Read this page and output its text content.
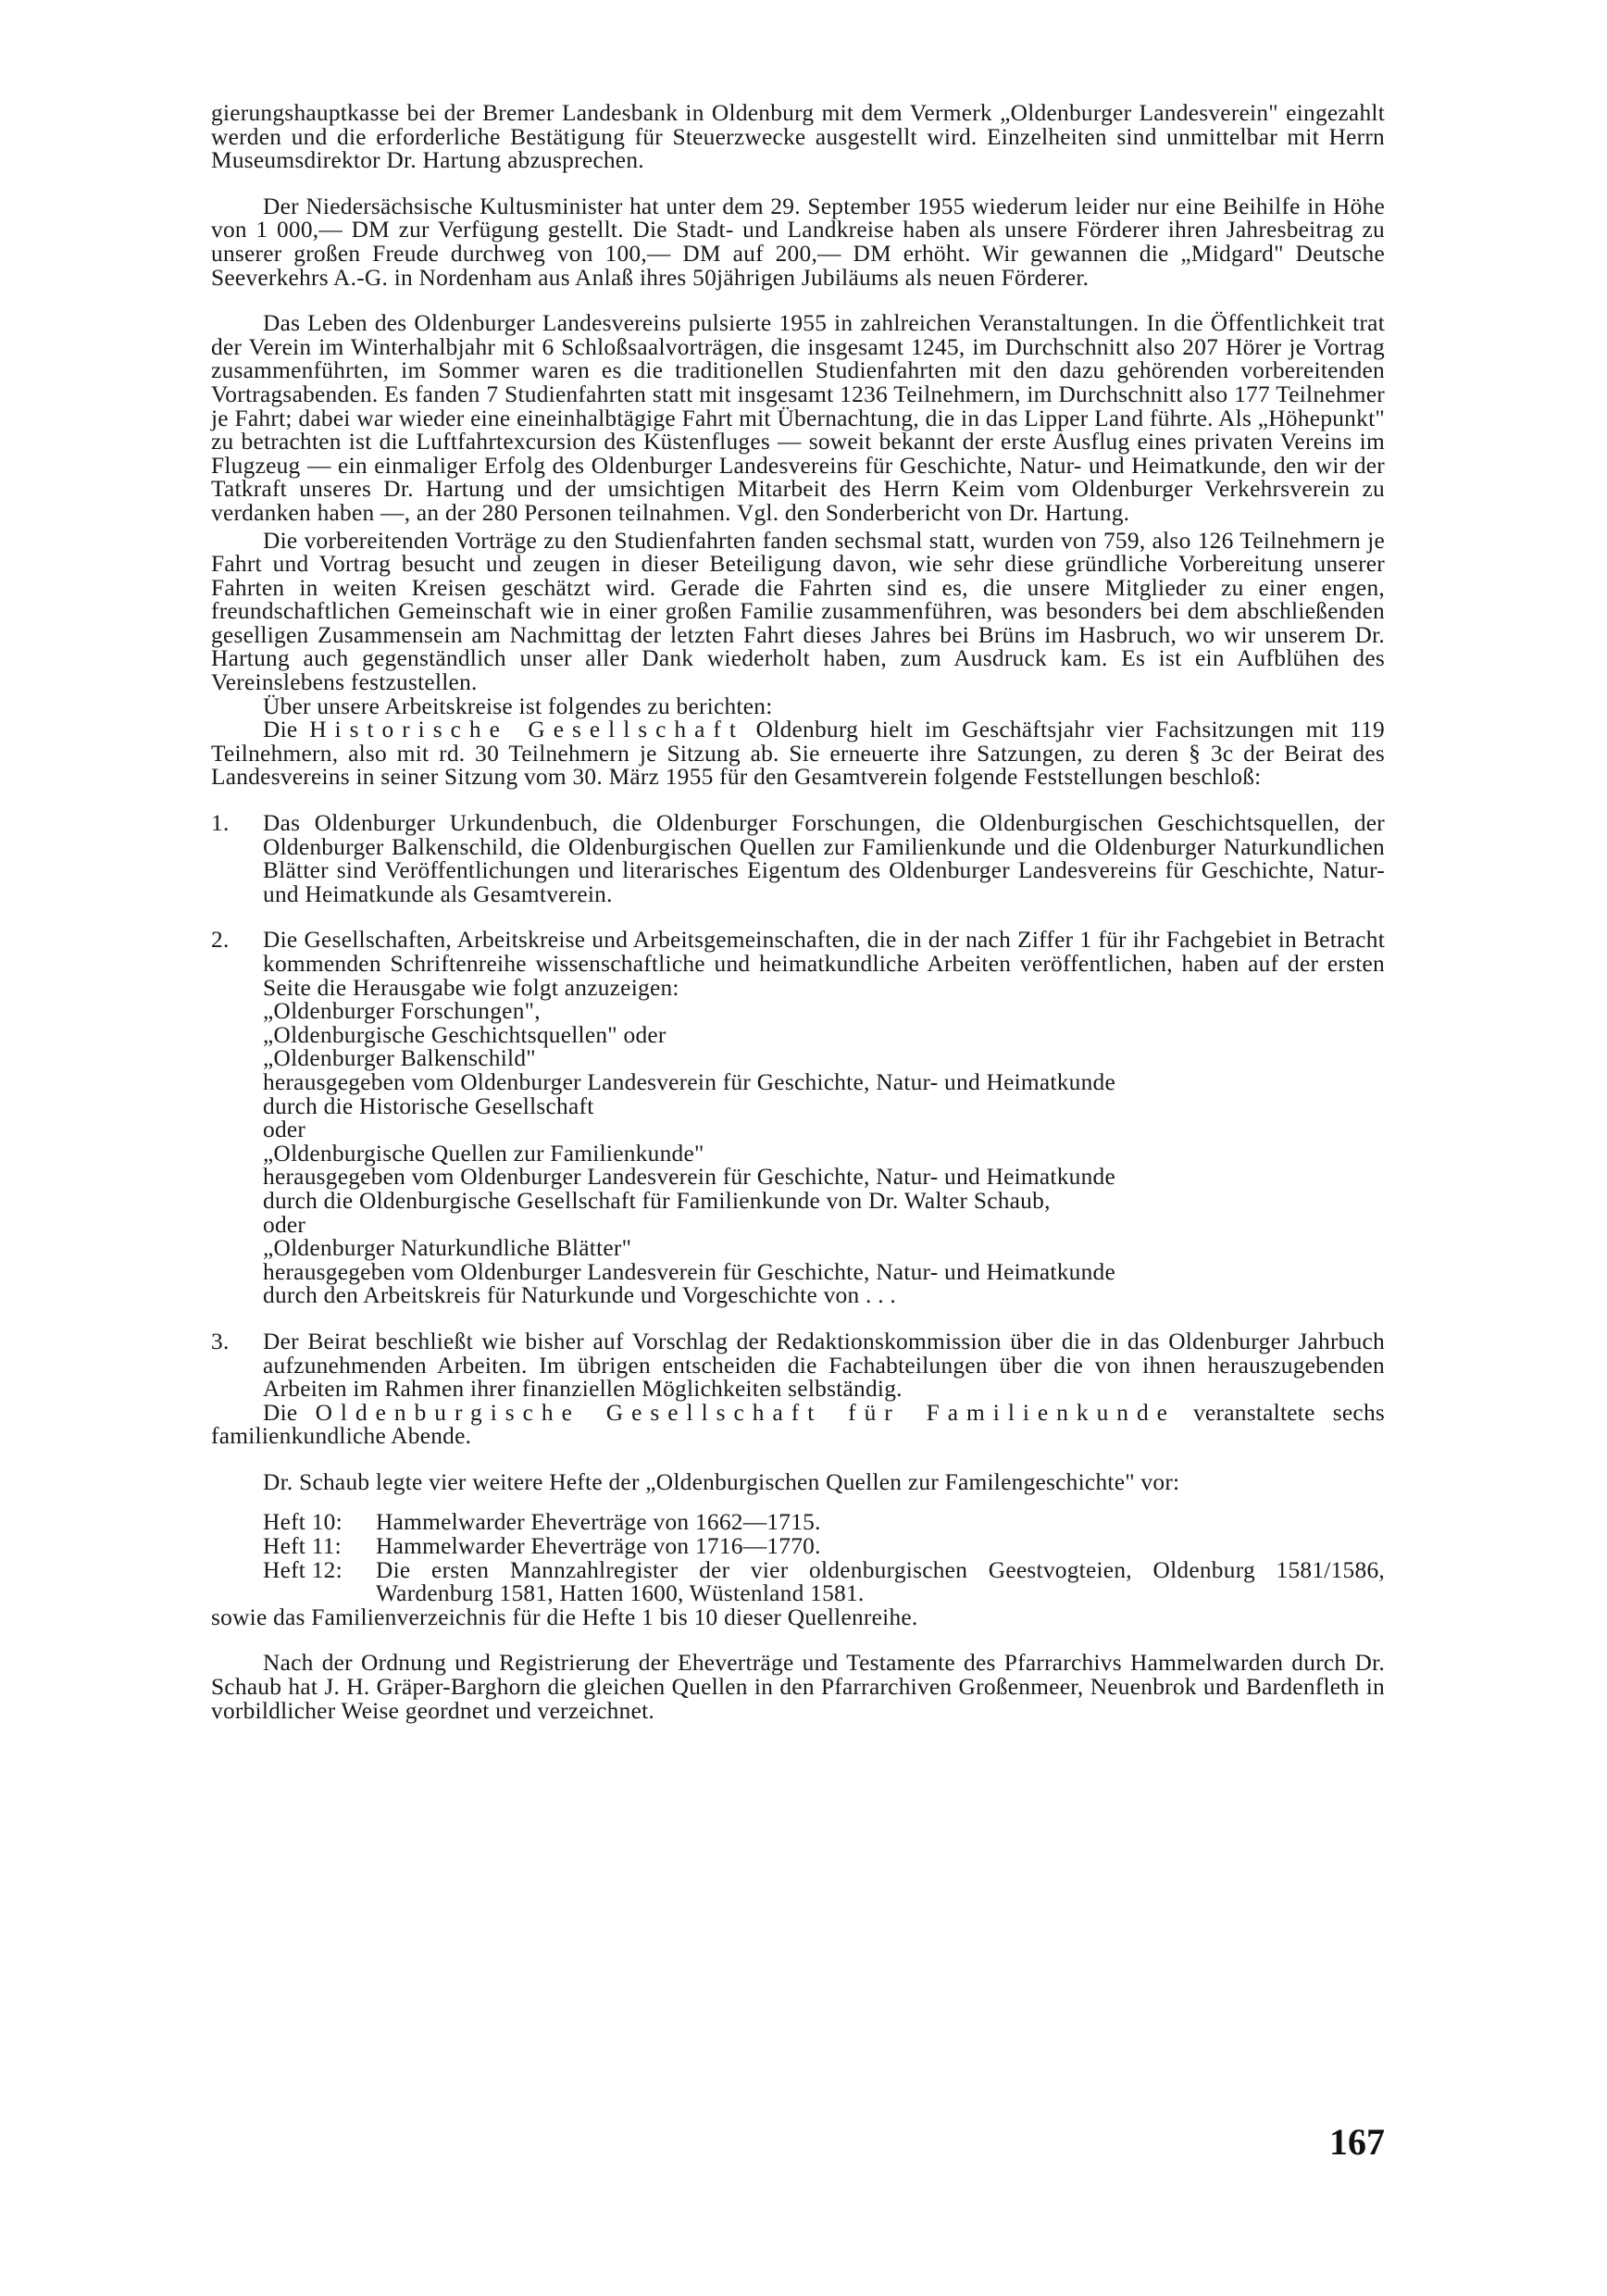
gierungshauptkasse bei der Bremer Landesbank in Oldenburg mit dem Vermerk „Oldenburger Landesverein" eingezahlt werden und die erforderliche Bestätigung für Steuerzwecke ausgestellt wird. Einzelheiten sind unmittelbar mit Herrn Museumsdirektor Dr. Hartung abzusprechen.

Der Niedersächsische Kultusminister hat unter dem 29. September 1955 wiederum leider nur eine Beihilfe in Höhe von 1 000,— DM zur Verfügung gestellt. Die Stadt- und Landkreise haben als unsere Förderer ihren Jahresbeitrag zu unserer großen Freude durchweg von 100,— DM auf 200,— DM erhöht. Wir gewannen die „Midgard" Deutsche Seeverkehrs A.-G. in Nordenham aus Anlaß ihres 50jährigen Jubiläums als neuen Förderer.

Das Leben des Oldenburger Landesvereins pulsierte 1955 in zahlreichen Veranstaltungen. In die Öffentlichkeit trat der Verein im Winterhalbjahr mit 6 Schloßsaalvorträgen, die insgesamt 1245, im Durchschnitt also 207 Hörer je Vortrag zusammenführten, im Sommer waren es die traditionellen Studienfahrten mit den dazu gehörenden vorbereitenden Vortragsabenden. Es fanden 7 Studienfahrten statt mit insgesamt 1236 Teilnehmern, im Durchschnitt also 177 Teilnehmer je Fahrt; dabei war wieder eine eineinhalbtägige Fahrt mit Übernachtung, die in das Lipper Land führte. Als „Höhepunkt" zu betrachten ist die Luftfahrtexcursion des Küstenfluges — soweit bekannt der erste Ausflug eines privaten Vereins im Flugzeug — ein einmaliger Erfolg des Oldenburger Landesvereins für Geschichte, Natur- und Heimatkunde, den wir der Tatkraft unseres Dr. Hartung und der umsichtigen Mitarbeit des Herrn Keim vom Oldenburger Verkehrsverein zu verdanken haben —, an der 280 Personen teilnahmen. Vgl. den Sonderbericht von Dr. Hartung.

Die vorbereitenden Vorträge zu den Studienfahrten fanden sechsmal statt, wurden von 759, also 126 Teilnehmern je Fahrt und Vortrag besucht und zeugen in dieser Beteiligung davon, wie sehr diese gründliche Vorbereitung unserer Fahrten in weiten Kreisen geschätzt wird. Gerade die Fahrten sind es, die unsere Mitglieder zu einer engen, freundschaftlichen Gemeinschaft wie in einer großen Familie zusammenführen, was besonders bei dem abschließenden geselligen Zusammensein am Nachmittag der letzten Fahrt dieses Jahres bei Brüns im Hasbruch, wo wir unserem Dr. Hartung auch gegenständlich unser aller Dank wiederholt haben, zum Ausdruck kam. Es ist ein Aufblühen des Vereinslebens festzustellen.

Über unsere Arbeitskreise ist folgendes zu berichten:

Die Historische Gesellschaft Oldenburg hielt im Geschäftsjahr vier Fachsitzungen mit 119 Teilnehmern, also mit rd. 30 Teilnehmern je Sitzung ab. Sie erneuerte ihre Satzungen, zu deren § 3c der Beirat des Landesvereins in seiner Sitzung vom 30. März 1955 für den Gesamtverein folgende Feststellungen beschloß:

1.	Das Oldenburger Urkundenbuch, die Oldenburger Forschungen, die Oldenburgischen Geschichtsquellen, der Oldenburger Balkenschild, die Oldenburgischen Quellen zur Familienkunde und die Oldenburger Naturkundlichen Blätter sind Veröffentlichungen und literarisches Eigentum des Oldenburger Landesvereins für Geschichte, Natur- und Heimatkunde als Gesamtverein.

2.	Die Gesellschaften, Arbeitskreise und Arbeitsgemeinschaften, die in der nach Ziffer 1 für ihr Fachgebiet in Betracht kommenden Schriftenreihe wissenschaftliche und heimatkundliche Arbeiten veröffentlichen, haben auf der ersten Seite die Herausgabe wie folgt anzuzeigen:

„Oldenburger Forschungen",

„Oldenburgische Geschichtsquellen" oder

„Oldenburger Balkenschild"

herausgegeben vom Oldenburger Landesverein für Geschichte, Natur- und Heimatkunde

durch die Historische Gesellschaft

oder

„Oldenburgische Quellen zur Familienkunde"

herausgegeben vom Oldenburger Landesverein für Geschichte, Natur- und Heimatkunde

durch die Oldenburgische Gesellschaft für Familienkunde von Dr. Walter Schaub,

oder

„Oldenburger Naturkundliche Blätter"

herausgegeben vom Oldenburger Landesverein für Geschichte, Natur- und Heimatkunde

durch den Arbeitskreis für Naturkunde und Vorgeschichte von . . .

3.	Der Beirat beschließt wie bisher auf Vorschlag der Redaktionskommission über die in das Oldenburger Jahrbuch aufzunehmenden Arbeiten. Im übrigen entscheiden die Fachabteilungen über die von ihnen herauszugebenden Arbeiten im Rahmen ihrer finanziellen Möglichkeiten selbständig.

Die Oldenburgische Gesellschaft für Familienkunde veranstaltete sechs familienkundliche Abende.

Dr. Schaub legte vier weitere Hefte der „Oldenburgischen Quellen zur Familengeschichte" vor:

Heft 10:	Hammelwarder Eheverträge von 1662—1715.
Heft 11:	Hammelwarder Eheverträge von 1716—1770.
Heft 12:	Die ersten Mannzahlregister der vier oldenburgischen Geestvogteien, Oldenburg 1581/1586, Wardenburg 1581, Hatten 1600, Wüstenland 1581.

sowie das Familienverzeichnis für die Hefte 1 bis 10 dieser Quellenreihe.

Nach der Ordnung und Registrierung der Eheverträge und Testamente des Pfarrarchivs Hammelwarden durch Dr. Schaub hat J. H. Gräper-Barghorn die gleichen Quellen in den Pfarrarchiven Großenmeer, Neuenbrok und Bardenfleth in vorbildlicher Weise geordnet und verzeichnet.

167
